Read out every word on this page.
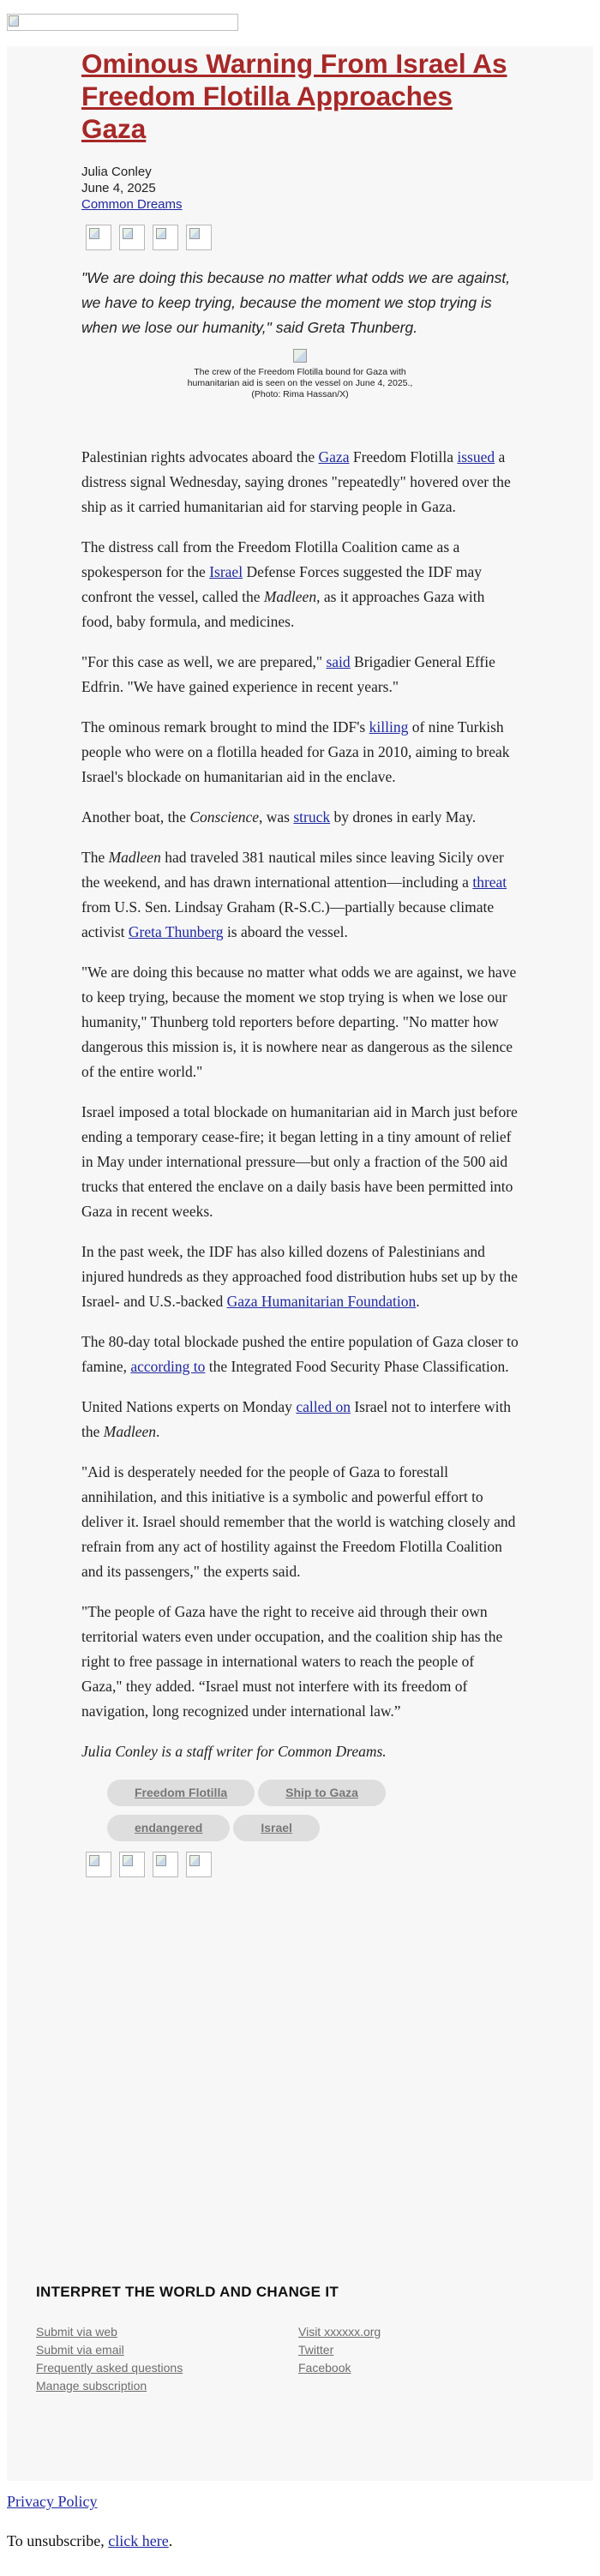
Ominous Warning From Israel As Freedom Flotilla Approaches Gaza
Julia Conley
June 4, 2025
Common Dreams

"We are doing this because no matter what odds we are against, we have to keep trying, because the moment we stop trying is when we lose our humanity," said Greta Thunberg.

The crew of the Freedom Flotilla bound for Gaza with humanitarian aid is seen on the vessel on June 4, 2025., (Photo: Rima Hassan/X)

Palestinian rights advocates aboard the Gaza Freedom Flotilla issued a distress signal Wednesday, saying drones "repeatedly" hovered over the ship as it carried humanitarian aid for starving people in Gaza.

The distress call from the Freedom Flotilla Coalition came as a spokesperson for the Israel Defense Forces suggested the IDF may confront the vessel, called the Madleen, as it approaches Gaza with food, baby formula, and medicines.

"For this case as well, we are prepared," said Brigadier General Effie Edfrin. "We have gained experience in recent years."

The ominous remark brought to mind the IDF's killing of nine Turkish people who were on a flotilla headed for Gaza in 2010, aiming to break Israel's blockade on humanitarian aid in the enclave.

Another boat, the Conscience, was struck by drones in early May.

The Madleen had traveled 381 nautical miles since leaving Sicily over the weekend, and has drawn international attention—including a threat from U.S. Sen. Lindsay Graham (R-S.C.)—partially because climate activist Greta Thunberg is aboard the vessel.

"We are doing this because no matter what odds we are against, we have to keep trying, because the moment we stop trying is when we lose our humanity," Thunberg told reporters before departing. "No matter how dangerous this mission is, it is nowhere near as dangerous as the silence of the entire world."

Israel imposed a total blockade on humanitarian aid in March just before ending a temporary cease-fire; it began letting in a tiny amount of relief in May under international pressure—but only a fraction of the 500 aid trucks that entered the enclave on a daily basis have been permitted into Gaza in recent weeks.

In the past week, the IDF has also killed dozens of Palestinians and injured hundreds as they approached food distribution hubs set up by the Israel- and U.S.-backed Gaza Humanitarian Foundation.

The 80-day total blockade pushed the entire population of Gaza closer to famine, according to the Integrated Food Security Phase Classification.

United Nations experts on Monday called on Israel not to interfere with the Madleen.

"Aid is desperately needed for the people of Gaza to forestall annihilation, and this initiative is a symbolic and powerful effort to deliver it. Israel should remember that the world is watching closely and refrain from any act of hostility against the Freedom Flotilla Coalition and its passengers," the experts said.

"The people of Gaza have the right to receive aid through their own territorial waters even under occupation, and the coalition ship has the right to free passage in international waters to reach the people of Gaza," they added. “Israel must not interfere with its freedom of navigation, long recognized under international law.”

Julia Conley is a staff writer for Common Dreams.

Freedom Flotilla	Ship to Gazaendangered	Israel
INTERPRET THE WORLD AND CHANGE IT
Submit via web
Submit via email
Frequently asked questions
Manage subscription
Visit xxxxxx.org
Twitter
Facebook

Privacy Policy

To unsubscribe, click here.
